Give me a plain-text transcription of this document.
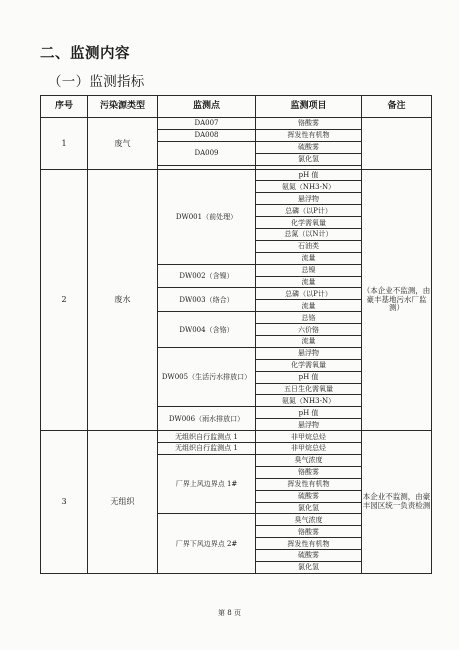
二、监测内容
（一）监测指标
序号	污染源类型	监测点	监测项目	备注
1	废气	DA007	铬酸雾	
		DA008	挥发性有机物	
		DA009	硫酸雾	
			氯化氢	

2	废水	DW001（前处理）	pH 值	（本企业不监测，由豪丰基地污水厂监测）
			氨氮（NH3-N）	
			悬浮物	
			总磷（以P计）	
			化学需氧量	
			总氮（以N计）	
			石油类	
			流量	
		DW002（含镍）	总镍	
			流量	
		DW003（络合）	总磷（以P计）	
			流量	
		DW004（含铬）	总铬	
			六价铬	
			流量	
		DW005（生活污水排放口）	悬浮物	
			化学需氧量	
			pH 值	
			五日生化需氧量	
			氨氮（NH3-N）	
		DW006（雨水排放口）	pH 值	
			悬浮物	
3	无组织	无组织自行监测点 1	非甲烷总烃	本企业不监测，由豪丰园区统一负责检测
		无组织自行监测点 1	非甲烷总烃	
		厂界上风边界点 1#	臭气浓度	
			铬酸雾	
			挥发性有机物	
			硫酸雾	
			氯化氢	
		厂界下风边界点 2#	臭气浓度	
			铬酸雾	
			挥发性有机物	
			硫酸雾	
			氯化氢	
第 8 页
